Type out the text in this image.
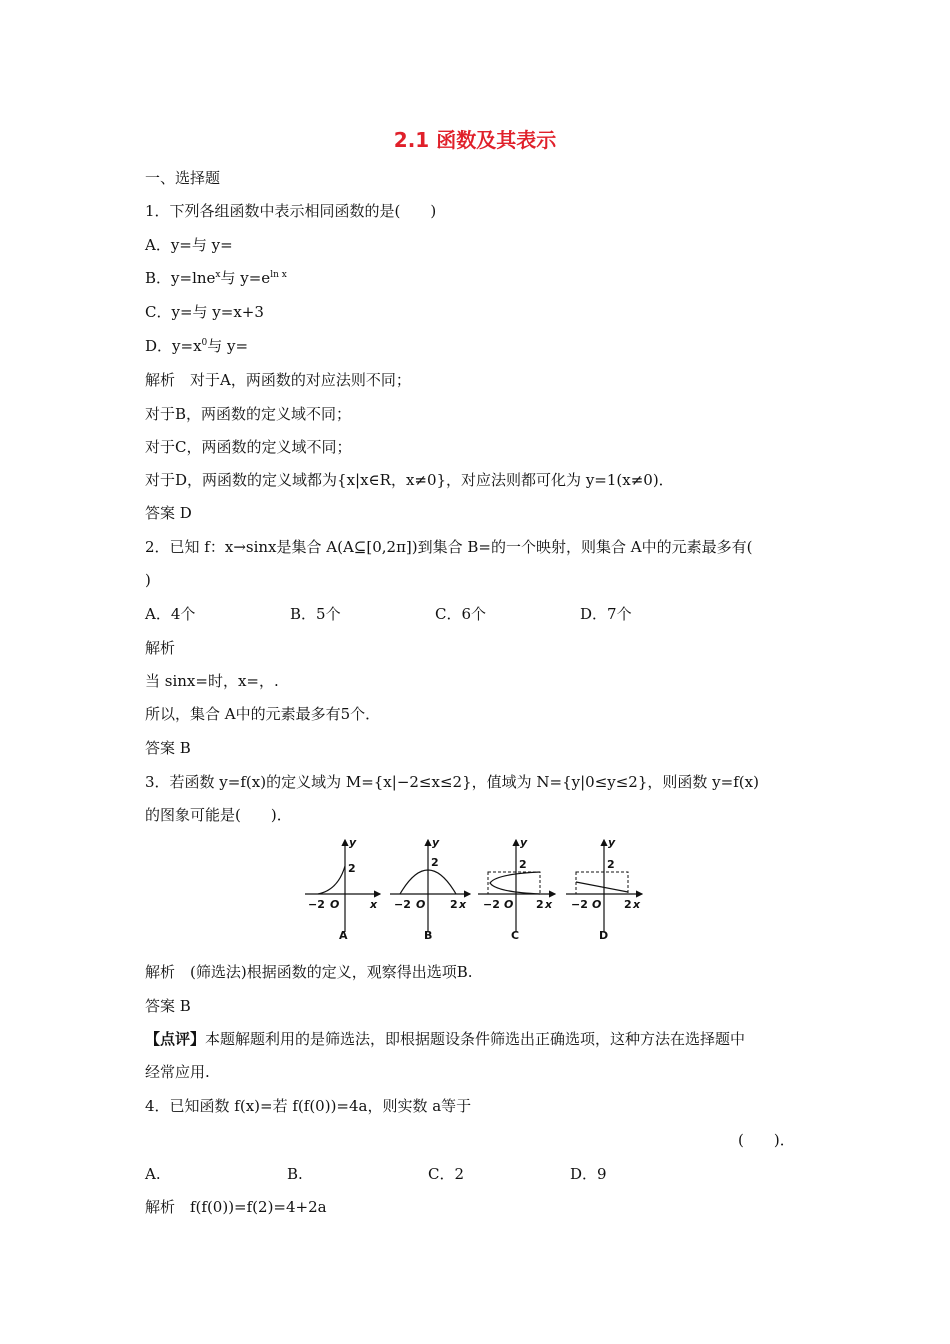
2.1 函数及其表示
一、选择题
1．下列各组函数中表示相同函数的是(　　)
A．y=与 y=
B．y=lne$^x$与 $y=e^{ln x}$
C．y=与 y=x+3
D．$y=x^0$与 y=
解析　对于A，两函数的对应法则不同；
对于B，两函数的定义域不同；
对于C，两函数的定义域不同；
对于D，两函数的定义域都为{x|x∈R，x≠0}，对应法则都可化为 y=1(x≠0)．
答案 D
2．已知 f：x→sinx是集合 A(A⊆[0,2π])到集合 B=的一个映射，则集合 A中的元素最多有(
)
A．4个	B．5个	C．6个	D．7个
解析
当 sinx=时，x=，.
所以，集合 A中的元素最多有5个．
答案 B
3．若函数 y=f(x)的定义域为 M={x|−2≤x≤2}，值域为 N={y|0≤y≤2}，则函数 y=f(x)
的图象可能是(　　)．
y
2
−2 O	x
A
y
2
−2 O 2 x
B
y
2
−2 O 2 x
C
y
2
−2 O 2 x
D
解析　(筛选法)根据函数的定义，观察得出选项B.
答案 B
【点评】本题解题利用的是筛选法，即根据题设条件筛选出正确选项，这种方法在选择题中
经常应用.
4．已知函数 f(x)=若 f(f(0))=4a，则实数 a等于
(　　)．
A.	B.	C．2	D．9
解析　f(f(0))=f(2)=4+2a
